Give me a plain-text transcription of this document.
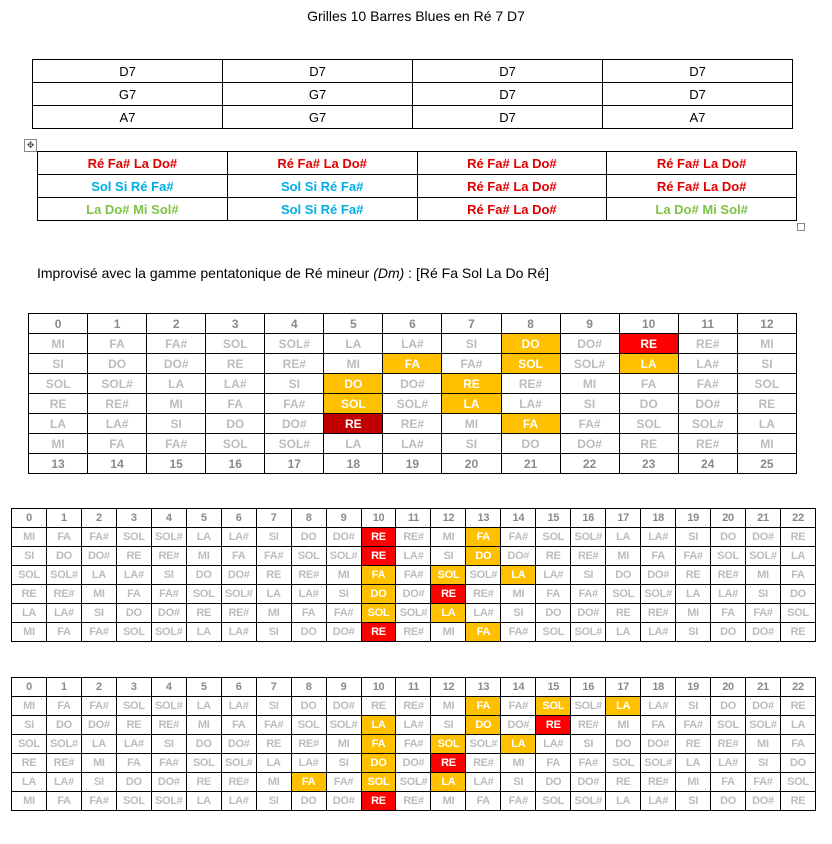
Grilles 10 Barres Blues en Ré 7 D7
D7	D7	D7	D7
G7	G7	D7	D7
A7	G7	D7	A7
✥
Ré Fa# La Do#	Ré Fa# La Do#	Ré Fa# La Do#	Ré Fa# La Do#
Sol Si Ré Fa#	Sol Si Ré Fa#	Ré Fa# La Do#	Ré Fa# La Do#
La Do# Mi Sol#	Sol Si Ré Fa#	Ré Fa# La Do#	La Do# Mi Sol#
Improvisé avec la gamme pentatonique de Ré mineur (Dm) : [Ré Fa Sol La Do Ré]
0	1	2	3	4	5	6	7	8	9	10	11	12
MI	FA	FA#	SOL	SOL#	LA	LA#	SI	DO	DO#	RE	RE#	MI
SI	DO	DO#	RE	RE#	MI	FA	FA#	SOL	SOL#	LA	LA#	SI
SOL	SOL#	LA	LA#	SI	DO	DO#	RE	RE#	MI	FA	FA#	SOL
RE	RE#	MI	FA	FA#	SOL	SOL#	LA	LA#	SI	DO	DO#	RE
LA	LA#	SI	DO	DO#	RE	RE#	MI	FA	FA#	SOL	SOL#	LA
MI	FA	FA#	SOL	SOL#	LA	LA#	SI	DO	DO#	RE	RE#	MI
13	14	15	16	17	18	19	20	21	22	23	24	25
0	1	2	3	4	5	6	7	8	9	10	11	12	13	14	15	16	17	18	19	20	21	22
MI	FA	FA#	SOL	SOL#	LA	LA#	SI	DO	DO#	RE	RE#	MI	FA	FA#	SOL	SOL#	LA	LA#	SI	DO	DO#	RE
SI	DO	DO#	RE	RE#	MI	FA	FA#	SOL	SOL#	RE	LA#	SI	DO	DO#	RE	RE#	MI	FA	FA#	SOL	SOL#	LA
SOL	SOL#	LA	LA#	SI	DO	DO#	RE	RE#	MI	FA	FA#	SOL	SOL#	LA	LA#	SI	DO	DO#	RE	RE#	MI	FA
RE	RE#	MI	FA	FA#	SOL	SOL#	LA	LA#	SI	DO	DO#	RE	RE#	MI	FA	FA#	SOL	SOL#	LA	LA#	SI	DO
LA	LA#	SI	DO	DO#	RE	RE#	MI	FA	FA#	SOL	SOL#	LA	LA#	SI	DO	DO#	RE	RE#	MI	FA	FA#	SOL
MI	FA	FA#	SOL	SOL#	LA	LA#	SI	DO	DO#	RE	RE#	MI	FA	FA#	SOL	SOL#	LA	LA#	SI	DO	DO#	RE
0	1	2	3	4	5	6	7	8	9	10	11	12	13	14	15	16	17	18	19	20	21	22
MI	FA	FA#	SOL	SOL#	LA	LA#	SI	DO	DO#	RE	RE#	MI	FA	FA#	SOL	SOL#	LA	LA#	SI	DO	DO#	RE
SI	DO	DO#	RE	RE#	MI	FA	FA#	SOL	SOL#	LA	LA#	SI	DO	DO#	RE	RE#	MI	FA	FA#	SOL	SOL#	LA
SOL	SOL#	LA	LA#	SI	DO	DO#	RE	RE#	MI	FA	FA#	SOL	SOL#	LA	LA#	SI	DO	DO#	RE	RE#	MI	FA
RE	RE#	MI	FA	FA#	SOL	SOL#	LA	LA#	SI	DO	DO#	RE	RE#	MI	FA	FA#	SOL	SOL#	LA	LA#	SI	DO
LA	LA#	SI	DO	DO#	RE	RE#	MI	FA	FA#	SOL	SOL#	LA	LA#	SI	DO	DO#	RE	RE#	MI	FA	FA#	SOL
MI	FA	FA#	SOL	SOL#	LA	LA#	SI	DO	DO#	RE	RE#	MI	FA	FA#	SOL	SOL#	LA	LA#	SI	DO	DO#	RE
